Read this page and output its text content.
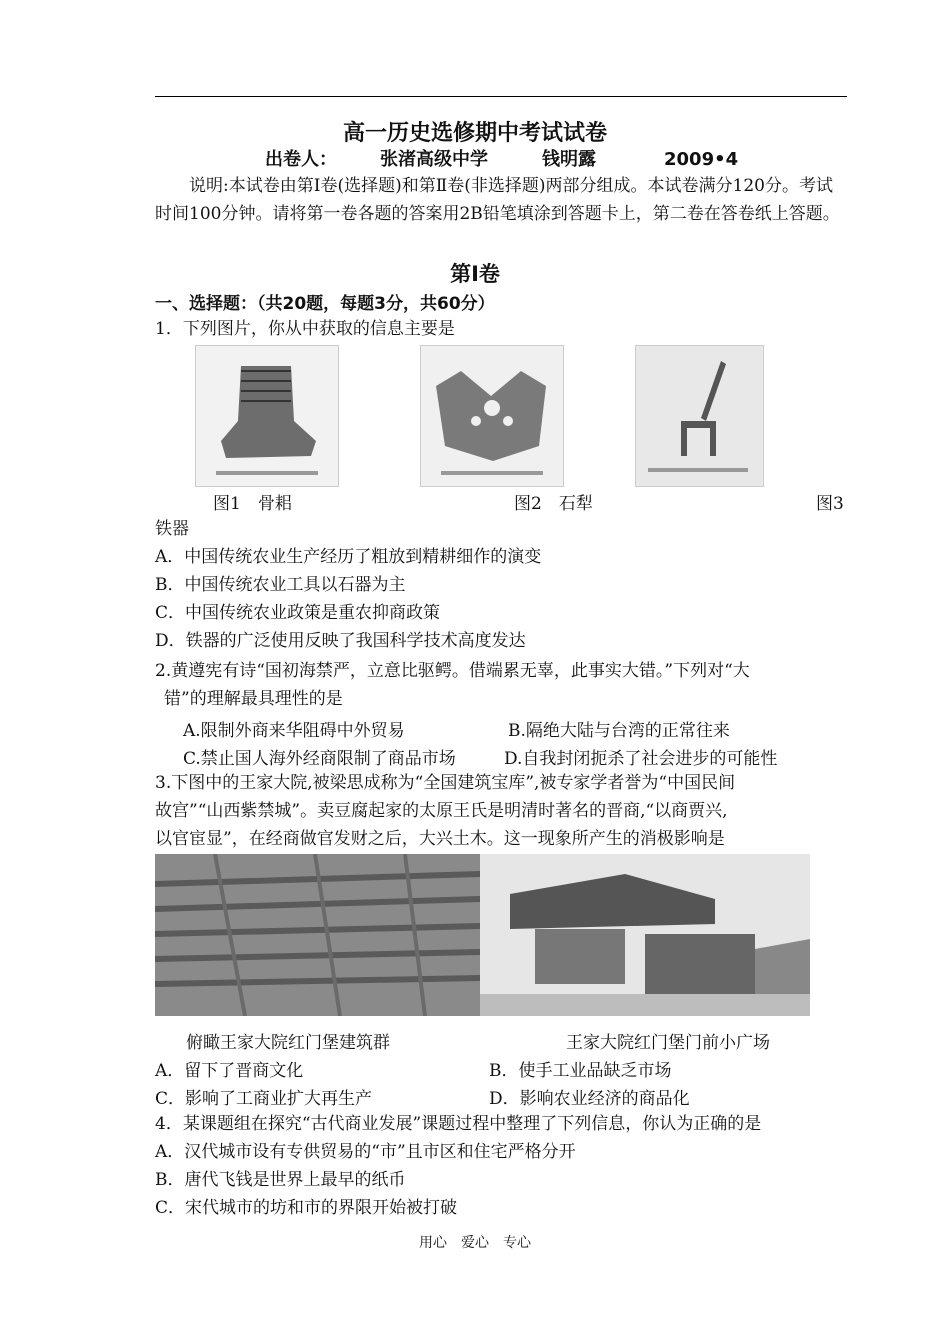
高一历史选修期中考试试卷
出卷人： 张渚高级中学	钱明露	2009•4
说明:本试卷由第Ⅰ卷(选择题)和第Ⅱ卷(非选择题)两部分组成。本试卷满分120分。考试时间100分钟。请将第一卷各题的答案用2B铅笔填涂到答题卡上，第二卷在答卷纸上答题。
第Ⅰ卷
一、选择题：（共20题，每题3分，共60分）
1．下列图片，你从中获取的信息主要是
图1　骨耜	图2　石犁	图3
铁器
A．中国传统农业生产经历了粗放到精耕细作的演变
B．中国传统农业工具以石器为主
C．中国传统农业政策是重农抑商政策
D．铁器的广泛使用反映了我国科学技术高度发达
2.黄遵宪有诗“国初海禁严，立意比驱鳄。借端累无辜，此事实大错。”下列对“大
错”的理解最具理性的是
A.限制外商来华阻碍中外贸易	B.隔绝大陆与台湾的正常往来
C.禁止国人海外经商限制了商品市场	D.自我封闭扼杀了社会进步的可能性
3.下图中的王家大院,被梁思成称为“全国建筑宝库”,被专家学者誉为“中国民间
故宫”“山西紫禁城”。卖豆腐起家的太原王氏是明清时著名的晋商,“以商贾兴,
以官宦显”，在经商做官发财之后，大兴土木。这一现象所产生的消极影响是
俯瞰王家大院红门堡建筑群	王家大院红门堡门前小广场
A．留下了晋商文化	B．使手工业品缺乏市场
C．影响了工商业扩大再生产	D．影响农业经济的商品化
4．某课题组在探究“古代商业发展”课题过程中整理了下列信息，你认为正确的是
A．汉代城市设有专供贸易的“市”且市区和住宅严格分开
B．唐代飞钱是世界上最早的纸币
C．宋代城市的坊和市的界限开始被打破
用心　爱心　专心
